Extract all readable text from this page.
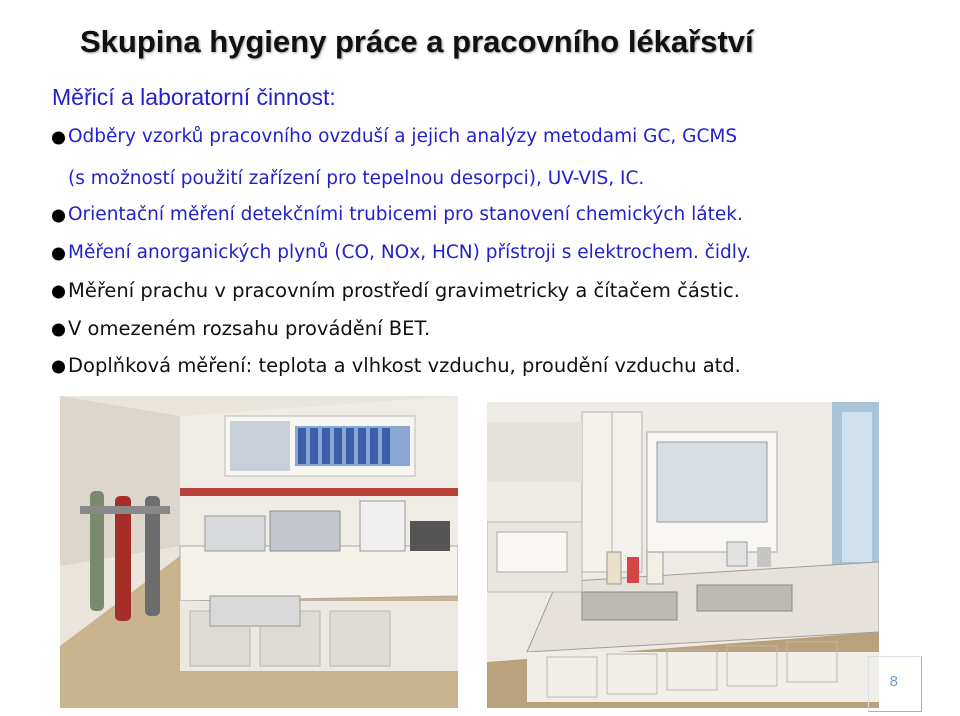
Skupina hygieny práce a pracovního lékařství
Měřicí a laboratorní činnost:
Odběry vzorků pracovního ovzduší a jejich analýzy metodami GC, GCMS
(s možností použití zařízení pro tepelnou desorpci), UV-VIS, IC.
Orientační měření detekčními trubicemi pro stanovení chemických látek.
Měření anorganických plynů (CO, NOx, HCN) přístroji s elektrochem. čidly.
Měření prachu v pracovním prostředí gravimetricky a čítačem částic.
V omezeném rozsahu provádění BET.
Doplňková měření: teplota a vlhkost vzduchu, proudění vzduchu atd.
8
